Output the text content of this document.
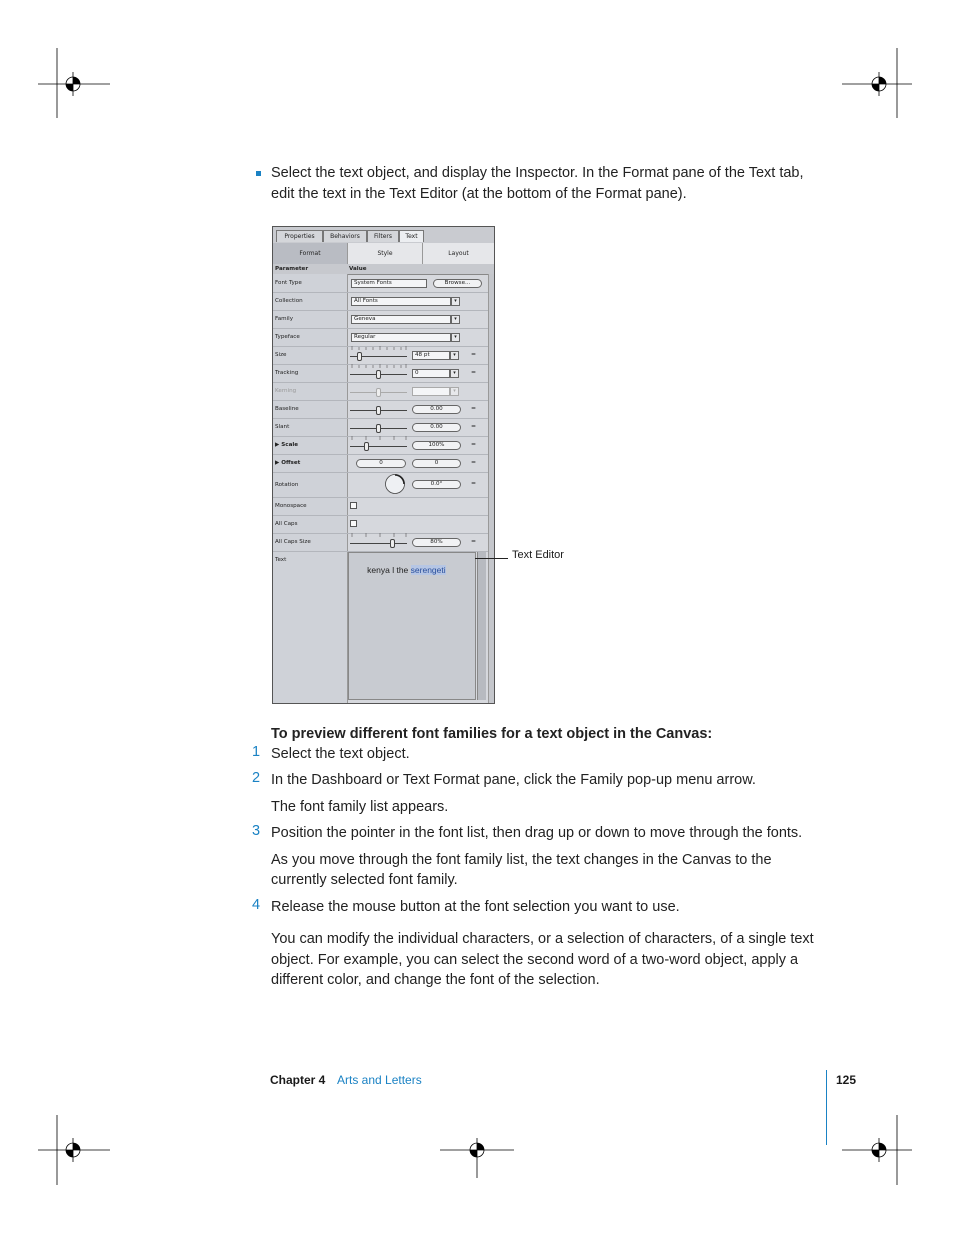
Select the text object, and display the Inspector. In the Format pane of the Text tab,
edit the text in the Text Editor (at the bottom of the Format pane).
Properties	Behaviors	Filters	Text
Format	Style	Layout
Parameter	Value
Font Type	System Fonts	Browse...
Collection	All Fonts	▾
Family	Geneva	▾
Typeface	Regular	▾
Size	48 pt	▾	=
Tracking	0	▾	=
Kerning	▾
Baseline	0.00	=
Slant	0.00	=
▶ Scale	100%	=
▶ Offset	0	0	=
Rotation	0.0°	=
Monospace
All Caps
All Caps Size	80%	=
Text

kenya l the serengeti

Text Editor
To preview different font families for a text object in the Canvas:
1 Select the text object.
2 In the Dashboard or Text Format pane, click the Family pop-up menu arrow.
The font family list appears.
3 Position the pointer in the font list, then drag up or down to move through the fonts.
As you move through the font family list, the text changes in the Canvas to the
currently selected font family.
4 Release the mouse button at the font selection you want to use.
You can modify the individual characters, or a selection of characters, of a single text
object. For example, you can select the second word of a two-word object, apply a
different color, and change the font of the selection.
Chapter 4 Arts and Letters	125
